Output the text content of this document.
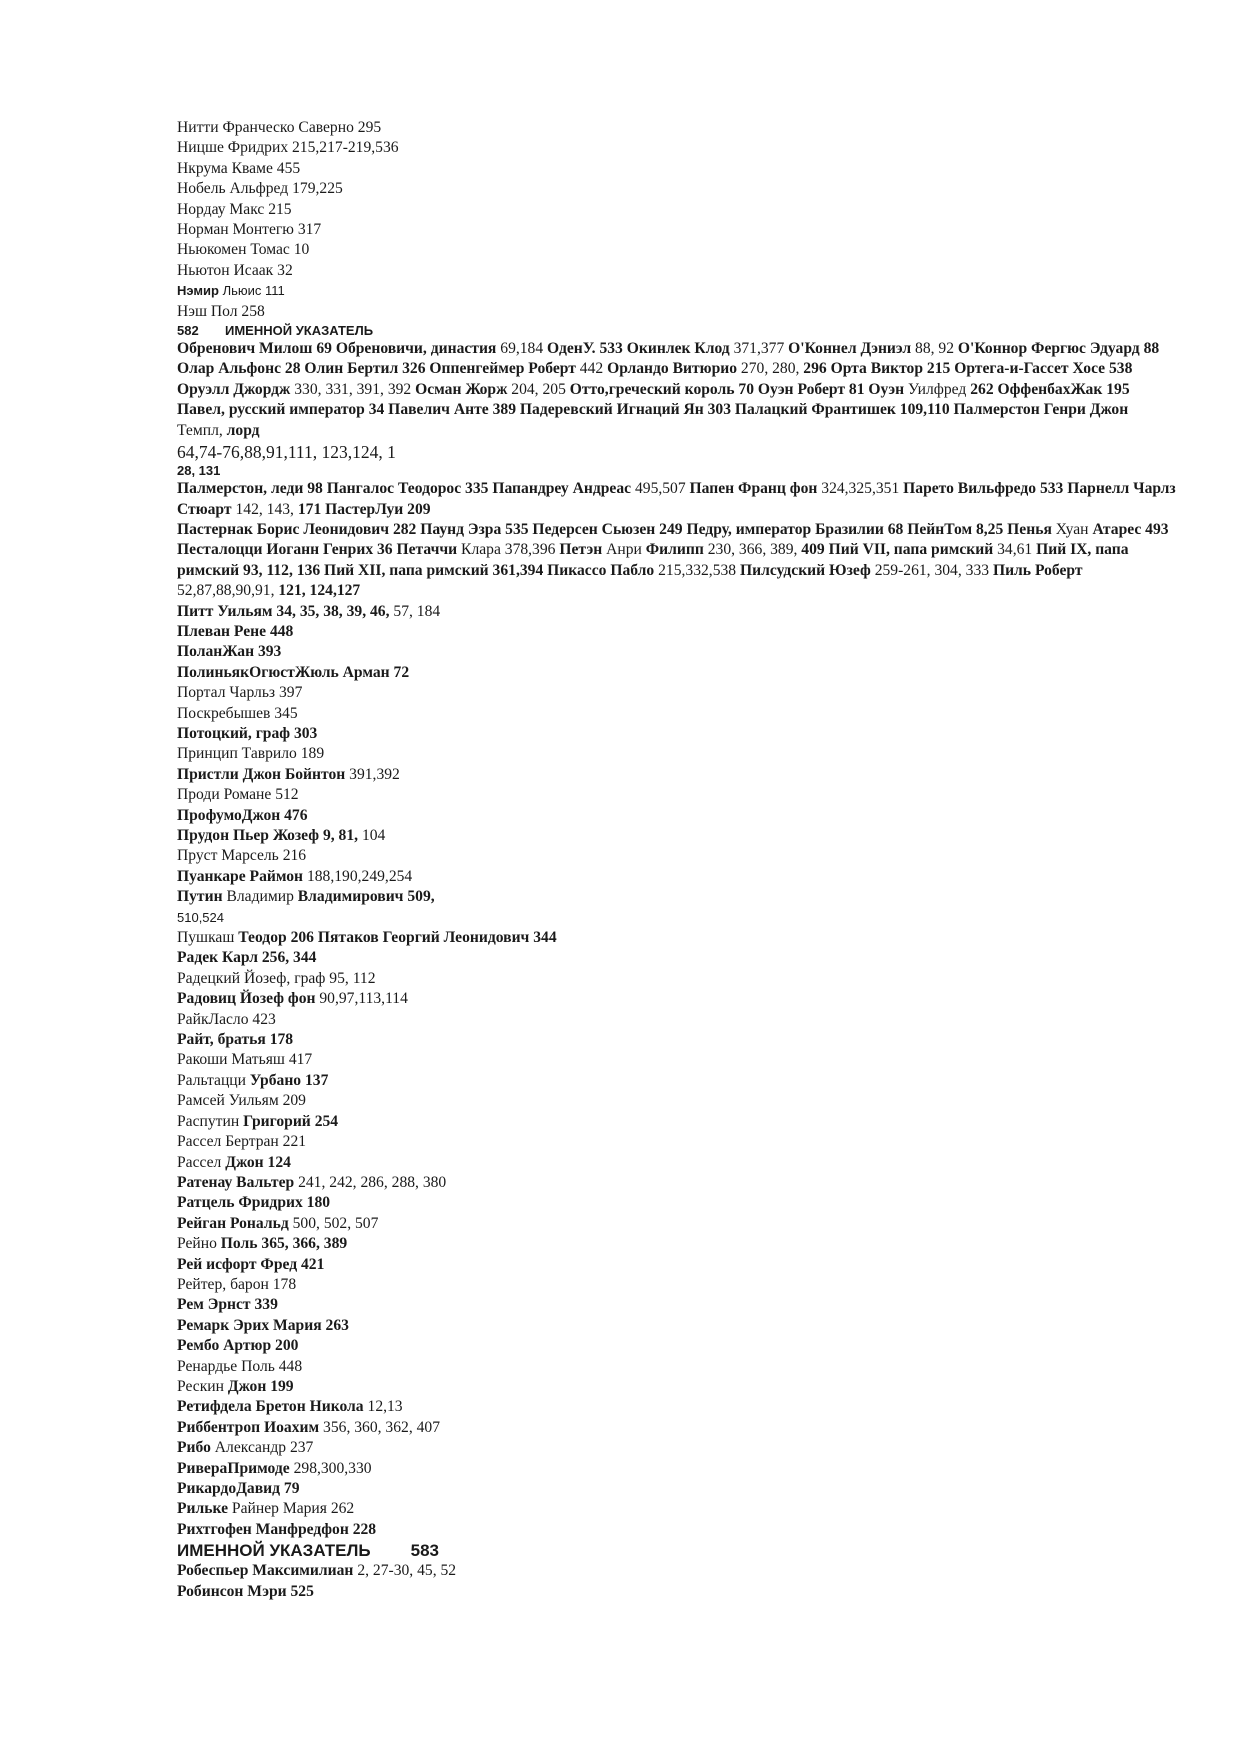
Нитти Франческо Саверно 295
Ницше Фридрих 215,217-219,536
Нкрума Кваме 455
Нобель Альфред 179,225
Нордау Макс 215
Норман Монтегю 317
Ньюкомен Томас 10
Ньютон Исаак 32
Нэмир Льюис 111
Нэш Пол 258
582 ИМЕННОЙ УКАЗАТЕЛЬ
Обренович Милош 69 Обреновичи, династия 69,184 ОденУ. 533 Окинлек Клод 371,377 О'Коннел Дэниэл 88, 92 О'Коннор Фергюс Эдуард 88 Олар Альфонс 28 Олин Бертил 326 Оппенгеймер Роберт 442 Орландо Витюрио 270, 280, 296 Орта Виктор 215 Ортега-и-Гассет Хосе 538 Оруэлл Джордж 330, 331, 391, 392 Осман Жорж 204, 205 Отто,греческий король 70 Оуэн Роберт 81 Оуэн Уилфред 262 ОффенбахЖак 195
Павел, русский император 34 Павелич Анте 389 Падеревский Игнаций Ян 303 Палацкий Франтишек 109,110 Палмерстон Генри Джон Темпл, лорд
64,74-76,88,91,111, 123,124, 1
28, 131
Палмерстон, леди 98 Пангалос Теодорос 335 Папандреу Андреас 495,507 Папен Франц фон 324,325,351 Парето Вильфредо 533 Парнелл Чарлз Стюарт 142, 143, 171 ПастерЛуи 209
Пастернак Борис Леонидович 282 Паунд Эзра 535 Педерсен Сьюзен 249 Педру, император Бразилии 68 ПейнТом 8,25 Пенья Хуан Атарес 493 Песталоцци Иоганн Генрих 36 Петаччи Клара 378,396 Петэн Анри Филипп 230, 366, 389, 409 Пий VII, папа римский 34,61 Пий IX, папа римский 93, 112, 136 Пий XII, папа римский 361,394 Пикассо Пабло 215,332,538 Пилсудский Юзеф 259-261, 304, 333 Пиль Роберт 52,87,88,90,91, 121, 124,127
Питт Уильям 34, 35, 38, 39, 46, 57, 184
Плеван Рене 448
ПоланЖан 393
ПолиньякОгюстЖюль Арман 72
Портал Чарльз 397
Поскребышев 345
Потоцкий, граф 303
Принцип Таврило 189
Пристли Джон Бойнтон 391,392
Проди Романе 512
ПрофумоДжон 476
Прудон Пьер Жозеф 9, 81, 104
Пруст Марсель 216
Пуанкаре Раймон 188,190,249,254
Путин Владимир Владимирович 509,
510,524
Пушкаш Теодор 206 Пятаков Георгий Леонидович 344
Радек Карл 256, 344
Радецкий Йозеф, граф 95, 112
Радовиц Йозеф фон 90,97,113,114
РайкЛасло 423
Райт, братья 178
Ракоши Матьяш 417
Ральтацци Урбано 137
Рамсей Уильям 209
Распутин Григорий 254
Рассел Бертран 221
Рассел Джон 124
Ратенау Вальтер 241, 242, 286, 288, 380
Ратцель Фридрих 180
Рейган Рональд 500, 502, 507
Рейно Поль 365, 366, 389
Рей исфорт Фред 421
Рейтер, барон 178
Рем Эрнст 339
Ремарк Эрих Мария 263
Рембо Артюр 200
Ренардье Поль 448
Рескин Джон 199
Ретифдела Бретон Никола 12,13
Риббентроп Иоахим 356, 360, 362, 407
Рибо Александр 237
РивераПримоде 298,300,330
РикардоДавид 79
Рильке Райнер Мария 262
Рихтгофен Манфредфон 228
ИМЕННОЙ УКАЗАТЕЛЬ 583
Робеспьер Максимилиан 2, 27-30, 45, 52
Робинсон Мэри 525
